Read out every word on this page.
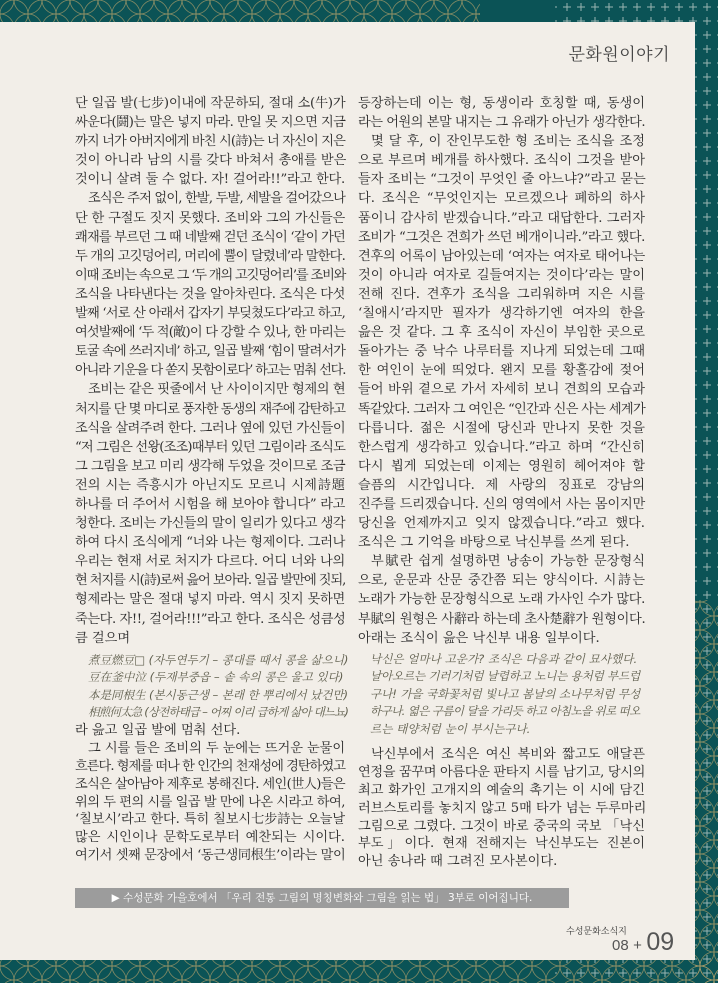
문화원이야기
단 일곱 발(七步)이내에 작문하되, 절대 소(牛)가
싸운다(鬪)는 말은 넣지 마라. 만일 못 지으면 지금
까지 너가 아버지에게 바친 시(詩)는 너 자신이 지은
것이 아니라 남의 시를 갖다 바쳐서 총애를 받은
것이니 살려 둘 수 없다. 자! 걸어라!!”라고 한다.
조식은 주저 없이, 한발, 두발, 세발을 걸어갔으나
단 한 구절도 짓지 못했다. 조비와 그의 가신들은
쾌재를 부르던 그 때 네발째 걷던 조식이 ‘같이 가던
두 개의 고깃덩어리, 머리에 뿔이 달렸네’라 말한다.
이때 조비는 속으로 그 ‘두 개의 고깃덩어리’를 조비와
조식을 나타낸다는 것을 알아차린다. 조식은 다섯
발째 ‘서로 산 아래서 갑자기 부딪쳤도다’라고 하고,
여섯발째에 ‘두 적(敵)이 다 강할 수 있나, 한 마리는
토굴 속에 쓰러지네’ 하고, 일곱 발째 ‘힘이 딸려서가
아니라 기운을 다 쏟지 못함이로다’ 하고는 멈춰 선다.
조비는 같은 핏줄에서 난 사이이지만 형제의 현
처지를 단 몇 마디로 풍자한 동생의 재주에 감탄하고
조식을 살려주려 한다. 그러나 옆에 있던 가신들이
“저 그림은 선왕(조조)때부터 있던 그림이라 조식도
그 그림을 보고 미리 생각해 두었을 것이므로 조금
전의 시는 즉흥시가 아닌지도 모르니 시제詩題
하나를 더 주어서 시험을 해 보아야 합니다” 라고
청한다. 조비는 가신들의 말이 일리가 있다고 생각
하여 다시 조식에게 “너와 나는 형제이다. 그러나
우리는 현재 서로 처지가 다르다. 어디 너와 나의
현 처지를 시(詩)로써 읊어 보아라. 일곱 발만에 짓되,
형제라는 말은 절대 넣지 마라. 역시 짓지 못하면
죽는다. 자!!, 걸어라!!!”라고 한다. 조식은 성큼성
큼 걸으며
煮豆燃豆□ (자두연두기 – 콩대를 때서 콩을 삶으니)
豆在釜中泣 (두재부중읍 – 솥 속의 콩은 울고 있다)
本是同根生 (본시동근생 – 본래 한 뿌리에서 났건만)
相煎何太急 (상전하태급 – 어찌 이리 급하게 삶아 대느뇨)
라 읊고 일곱 발에 멈춰 선다.
그 시를 들은 조비의 두 눈에는 뜨거운 눈물이
흐른다. 형제를 떠나 한 인간의 천재성에 경탄하였고
조식은 살아남아 제후로 봉해진다. 세인(世人)들은
위의 두 편의 시를 일곱 발 만에 나온 시라고 하여,
‘칠보시’라고 한다. 특히 칠보시七步詩는 오늘날
많은 시인이나 문학도로부터 예찬되는 시이다.
여기서 셋째 문장에서 ‘동근생同根生’이라는 말이
등장하는데 이는 형, 동생이라 호칭할 때, 동생이
라는 어원의 본말 내지는 그 유래가 아닌가 생각한다.
몇 달 후, 이 잔인무도한 형 조비는 조식을 조정
으로 부르며 베개를 하사했다. 조식이 그것을 받아
들자 조비는 “그것이 무엇인 줄 아느냐?”라고 묻는
다. 조식은 “무엇인지는 모르겠으나 폐하의 하사
품이니 감사히 받겠습니다.”라고 대답한다. 그러자
조비가 “그것은 견희가 쓰던 베개이니라.”라고 했다.
견후의 어록이 남아있는데 ‘여자는 여자로 태어나는
것이 아니라 여자로 길들여지는 것이다’라는 말이
전해 진다. 견후가 조식을 그리워하며 지은 시를
‘칠애시’라지만 필자가 생각하기엔 여자의 한을
읊은 것 같다. 그 후 조식이 자신이 부임한 곳으로
돌아가는 중 낙수 나루터를 지나게 되었는데 그때
한 여인이 눈에 띄었다. 왠지 모를 황홀감에 젖어
들어 바위 곁으로 가서 자세히 보니 견희의 모습과
똑같았다. 그러자 그 여인은 “인간과 신은 사는 세계가
다릅니다. 젊은 시절에 당신과 만나지 못한 것을
한스럽게 생각하고 있습니다.”라고 하며 “간신히
다시 뵙게 되었는데 이제는 영원히 헤어져야 할
슬픔의 시간입니다. 제 사랑의 징표로 강남의
진주를 드리겠습니다. 신의 영역에서 사는 몸이지만
당신을 언제까지고 잊지 않겠습니다.”라고 했다.
조식은 그 기억을 바탕으로 낙신부를 쓰게 된다.
부賦란 쉽게 설명하면 낭송이 가능한 문장형식
으로, 운문과 산문 중간쯤 되는 양식이다. 시詩는
노래가 가능한 문장형식으로 노래 가사인 수가 많다.
부賦의 원형은 사辭라 하는데 초사楚辭가 원형이다.
아래는 조식이 읊은 낙신부 내용 일부이다.
낙신은 얼마나 고운가? 조식은 다음과 같이 묘사했다.
날아오르는 기러기처럼 날렵하고 노니는 용처럼 부드럽
구나! 가을 국화꽃처럼 빛나고 봄날의 소나무처럼 무성
하구나. 엷은 구름이 달을 가리듯 하고 아침노을 위로 떠오
르는 태양처럼 눈이 부시는구나.
낙신부에서 조식은 여신 복비와 짧고도 애달픈
연정을 꿈꾸며 아름다운 판타지 시를 남기고, 당시의
최고 화가인 고개지의 예술의 촉기는 이 시에 담긴
러브스토리를 놓치지 않고 5매 타가 넘는 두루마리
그림으로 그렸다. 그것이 바로 중국의 국보 「낙신
부도」이다. 현재 전해지는 낙신부도는 진본이
아닌 송나라 때 그려진 모사본이다.
▶ 수성문화 가을호에서 「우리 전통 그림의 명칭변화와 그림을 읽는 법」 3부로 이어집니다.
수성문화소식지
08 + 09
